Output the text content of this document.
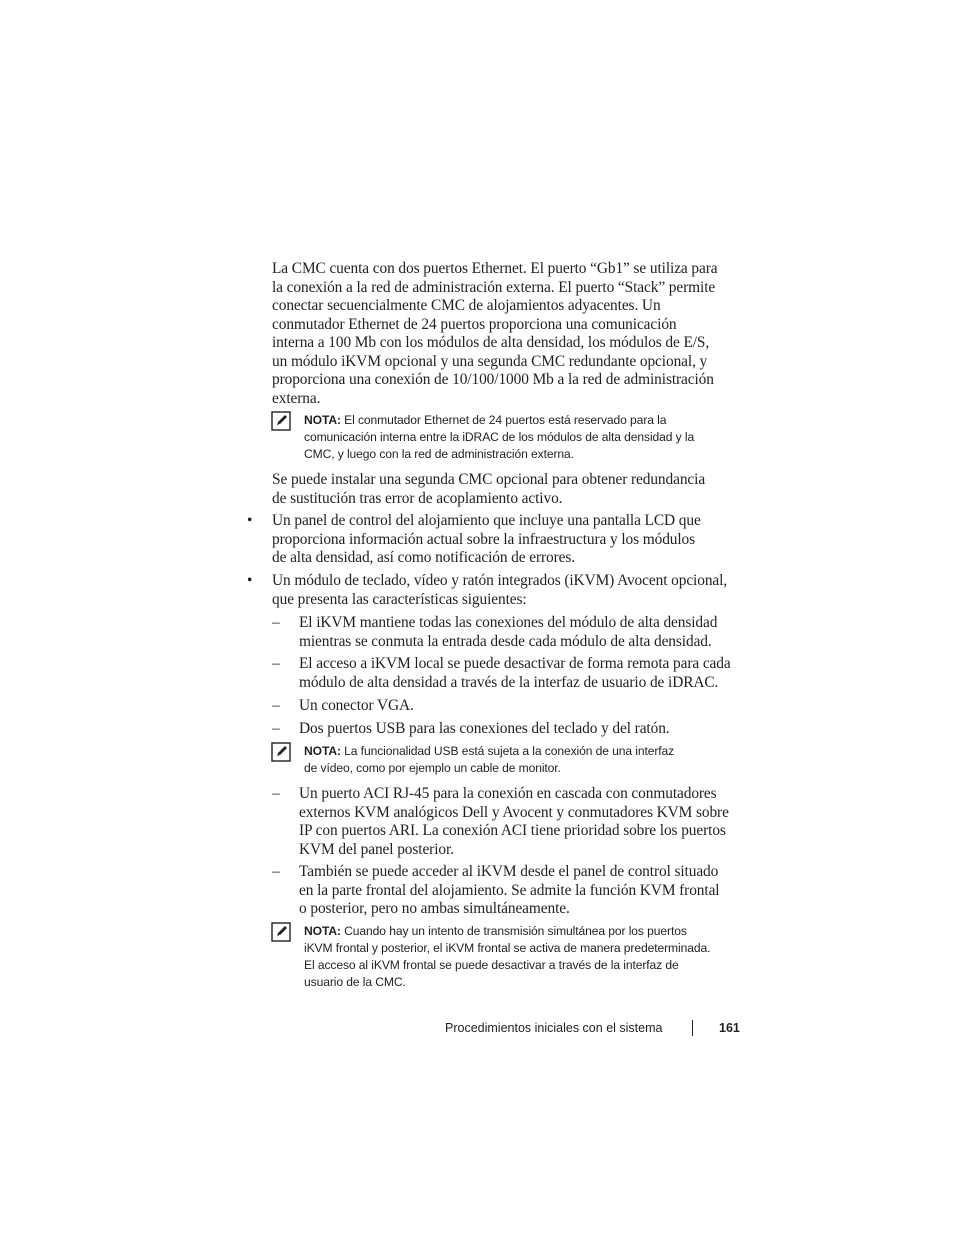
La CMC cuenta con dos puertos Ethernet. El puerto “Gb1” se utiliza para
la conexión a la red de administración externa. El puerto “Stack” permite
conectar secuencialmente CMC de alojamientos adyacentes. Un
conmutador Ethernet de 24 puertos proporciona una comunicación
interna a 100 Mb con los módulos de alta densidad, los módulos de E/S,
un módulo iKVM opcional y una segunda CMC redundante opcional, y
proporciona una conexión de 10/100/1000 Mb a la red de administración
externa.
NOTA: El conmutador Ethernet de 24 puertos está reservado para la
comunicación interna entre la iDRAC de los módulos de alta densidad y la
CMC, y luego con la red de administración externa.
Se puede instalar una segunda CMC opcional para obtener redundancia
de sustitución tras error de acoplamiento activo.
• Un panel de control del alojamiento que incluye una pantalla LCD que
proporciona información actual sobre la infraestructura y los módulos
de alta densidad, así como notificación de errores.
• Un módulo de teclado, vídeo y ratón integrados (iKVM) Avocent opcional,
que presenta las características siguientes:
– El iKVM mantiene todas las conexiones del módulo de alta densidad
mientras se conmuta la entrada desde cada módulo de alta densidad.
– El acceso a iKVM local se puede desactivar de forma remota para cada
módulo de alta densidad a través de la interfaz de usuario de iDRAC.
– Un conector VGA.
– Dos puertos USB para las conexiones del teclado y del ratón.
NOTA: La funcionalidad USB está sujeta a la conexión de una interfaz
de vídeo, como por ejemplo un cable de monitor.
– Un puerto ACI RJ-45 para la conexión en cascada con conmutadores
externos KVM analógicos Dell y Avocent y conmutadores KVM sobre
IP con puertos ARI. La conexión ACI tiene prioridad sobre los puertos
KVM del panel posterior.
– También se puede acceder al iKVM desde el panel de control situado
en la parte frontal del alojamiento. Se admite la función KVM frontal
o posterior, pero no ambas simultáneamente.
NOTA: Cuando hay un intento de transmisión simultánea por los puertos
iKVM frontal y posterior, el iKVM frontal se activa de manera predeterminada.
El acceso al iKVM frontal se puede desactivar a través de la interfaz de
usuario de la CMC.
Procedimientos iniciales con el sistema	161
